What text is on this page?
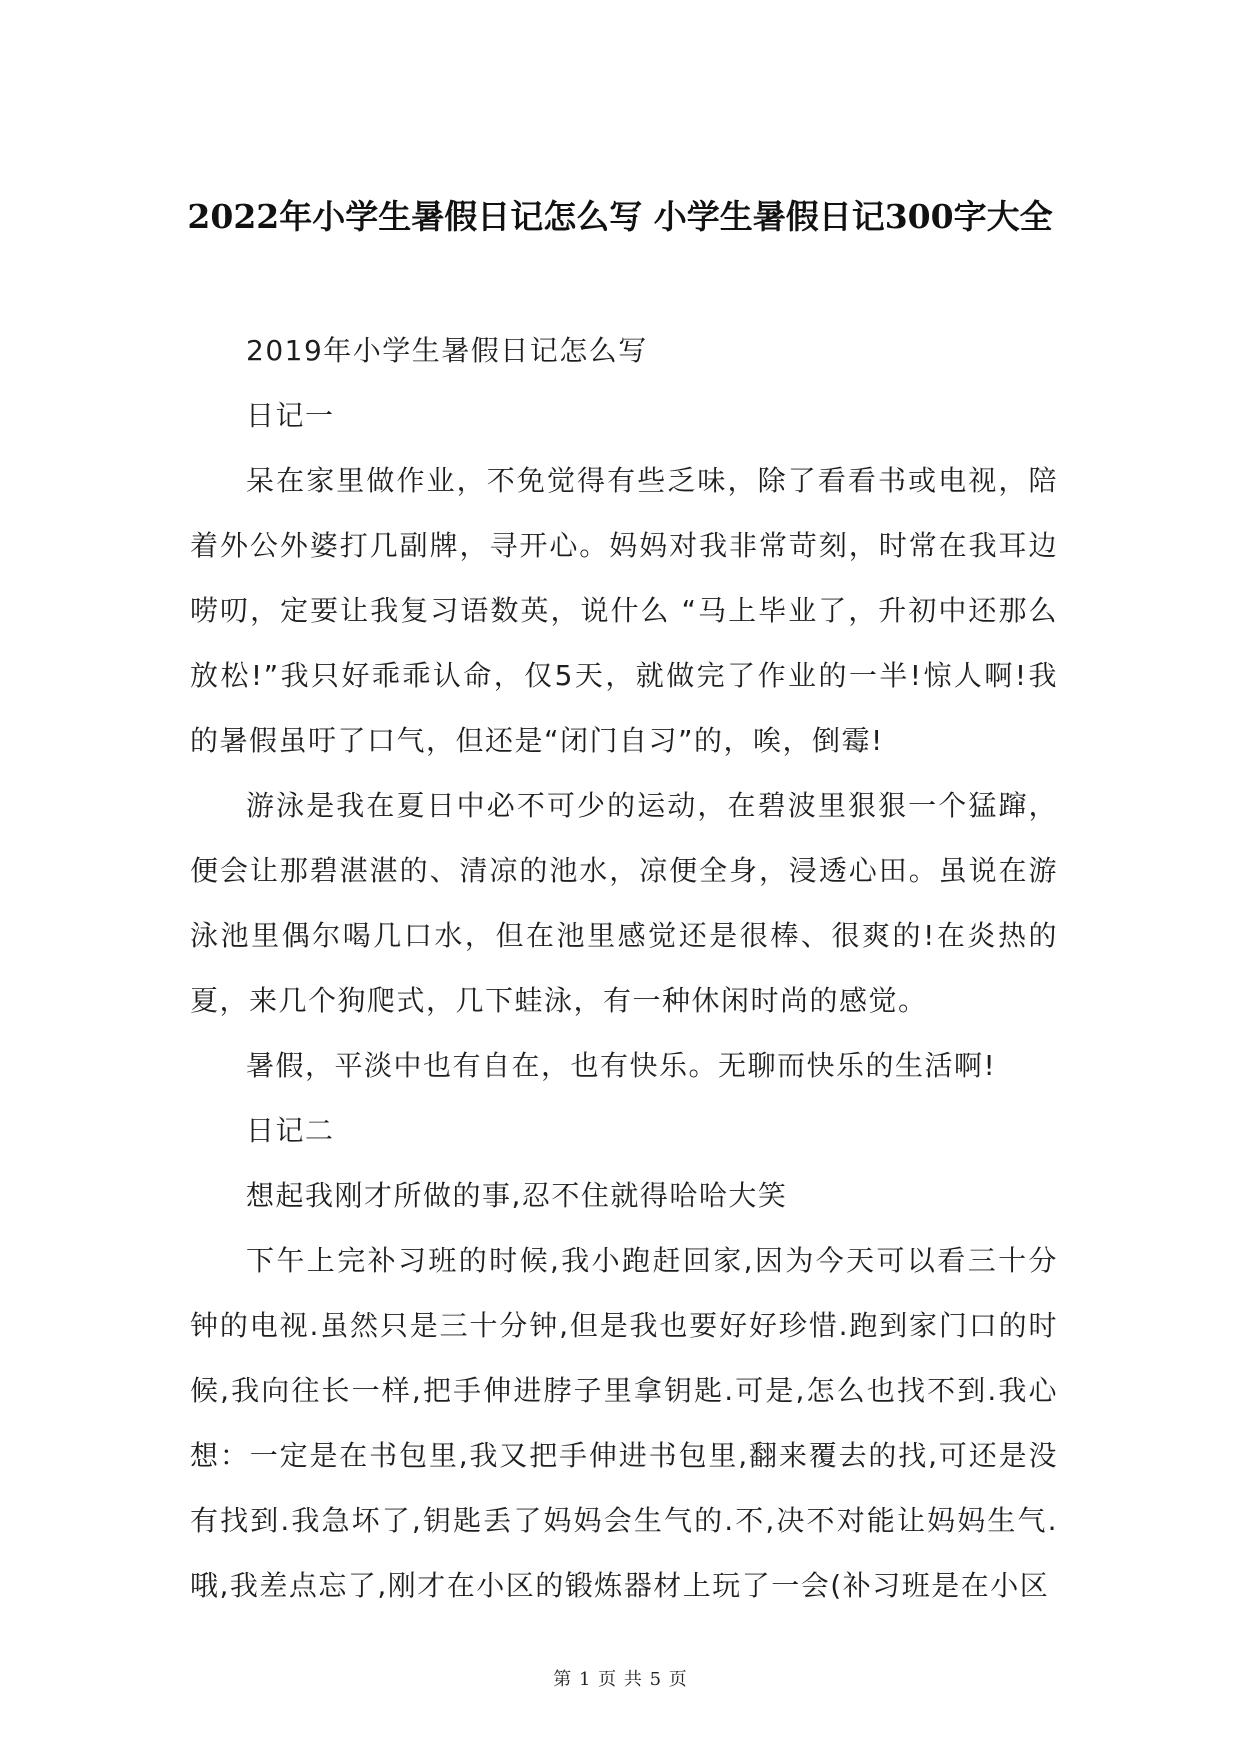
2022年小学生暑假日记怎么写 小学生暑假日记300字大全

2019年小学生暑假日记怎么写

日记一

呆在家里做作业，不免觉得有些乏味，除了看看书或电视，陪着外公外婆打几副牌，寻开心。妈妈对我非常苛刻，时常在我耳边唠叨，定要让我复习语数英，说什么 “马上毕业了，升初中还那么放松!”我只好乖乖认命，仅5天，就做完了作业的一半!惊人啊!我的暑假虽吁了口气，但还是“闭门自习”的，唉，倒霉!

游泳是我在夏日中必不可少的运动，在碧波里狠狠一个猛蹿，便会让那碧湛湛的、清凉的池水，凉便全身，浸透心田。虽说在游泳池里偶尔喝几口水，但在池里感觉还是很棒、很爽的!在炎热的夏，来几个狗爬式，几下蛙泳，有一种休闲时尚的感觉。

暑假，平淡中也有自在，也有快乐。无聊而快乐的生活啊!

日记二

想起我刚才所做的事,忍不住就得哈哈大笑

下午上完补习班的时候,我小跑赶回家,因为今天可以看三十分钟的电视.虽然只是三十分钟,但是我也要好好珍惜.跑到家门口的时候,我向往长一样,把手伸进脖子里拿钥匙.可是,怎么也找不到.我心想：一定是在书包里,我又把手伸进书包里,翻来覆去的找,可还是没有找到.我急坏了,钥匙丢了妈妈会生气的.不,决不对能让妈妈生气.哦,我差点忘了,刚才在小区的锻炼器材上玩了一会(补习班是在小区

第 1 页 共 5 页
